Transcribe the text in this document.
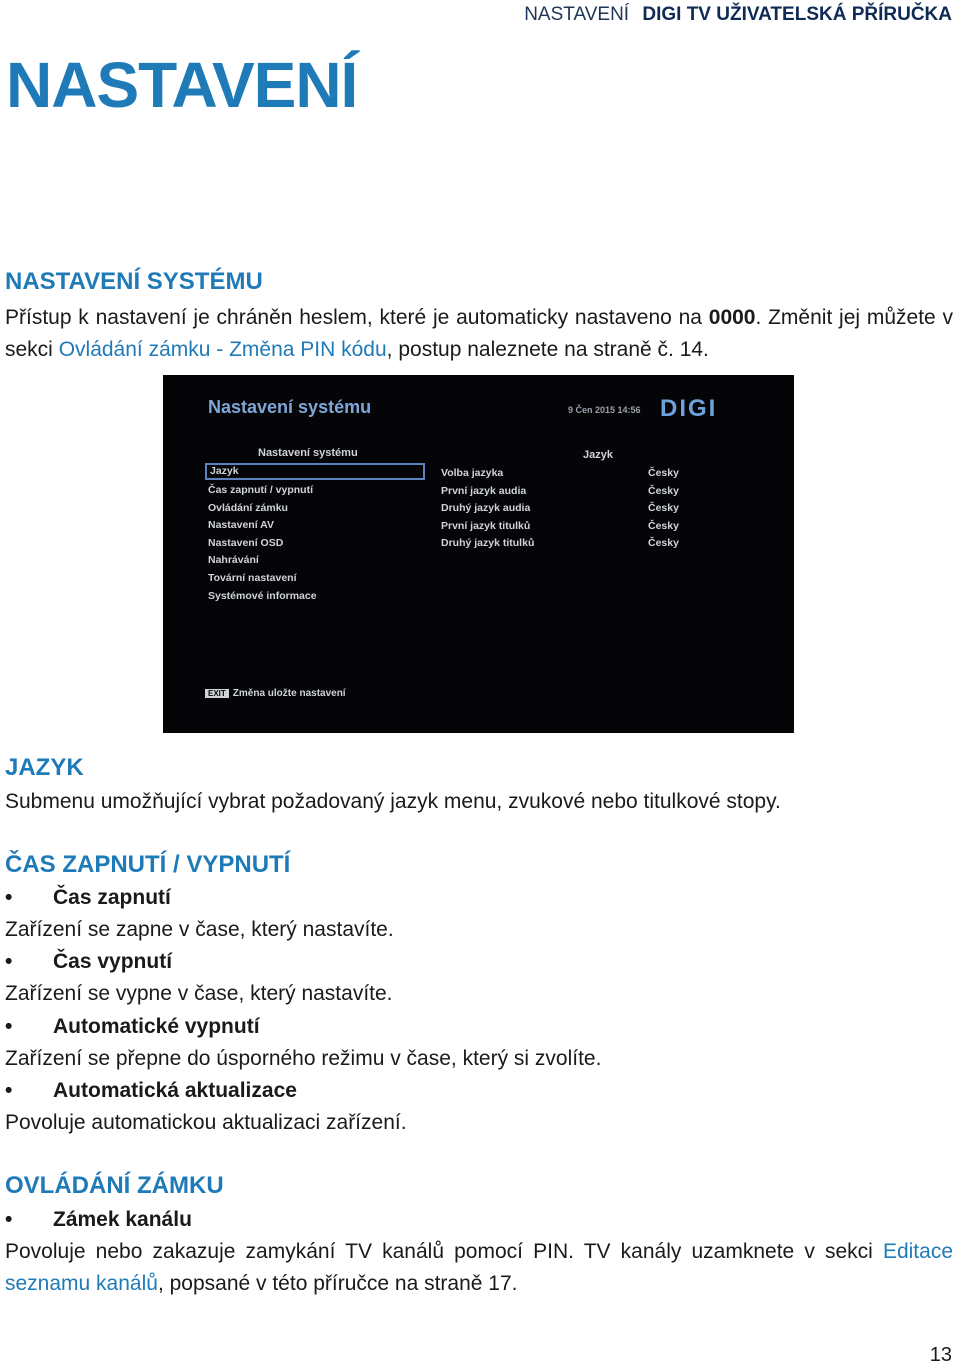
NASTAVENÍ DIGI TV UŽIVATELSKÁ PŘÍRUČKA
NASTAVENÍ
NASTAVENÍ SYSTÉMU

Přístup k nastavení je chráněn heslem, které je automaticky nastaveno na 0000. Změnit jej můžete v sekci Ovládání zámku - Změna PIN kódu, postup naleznete na straně č. 14.

Nastavení systému	9 Čen 2015 14:56 DIGI
Nastavení systému
Jazyk
Čas zapnutí / vypnutí
Ovládání zámku
Nastavení AV
Nastavení OSD
Nahrávání
Tovární nastavení
Systémové informace
Volba jazyka
První jazyk audia
Druhý jazyk audia
První jazyk titulků
Druhý jazyk titulků
Jazyk
Česky
Česky
Česky
Česky
Česky
EXIT Změna uložte nastavení
JAZYK

Submenu umožňující vybrat požadovaný jazyk menu, zvukové nebo titulkové stopy.

ČAS ZAPNUTÍ / VYPNUTÍ
• Čas zapnutí

Zařízení se zapne v čase, který nastavíte.

• Čas vypnutí

Zařízení se vypne v čase, který nastavíte.

• Automatické vypnutí

Zařízení se přepne do úsporného režimu v čase, který si zvolíte.

• Automatická aktualizace

Povoluje automatickou aktualizaci zařízení.

OVLÁDÁNÍ ZÁMKU
• Zámek kanálu

Povoluje nebo zakazuje zamykání TV kanálů pomocí PIN. TV kanály uzamknete v sekci Editace seznamu kanálů, popsané v této příručce na straně 17.

13
